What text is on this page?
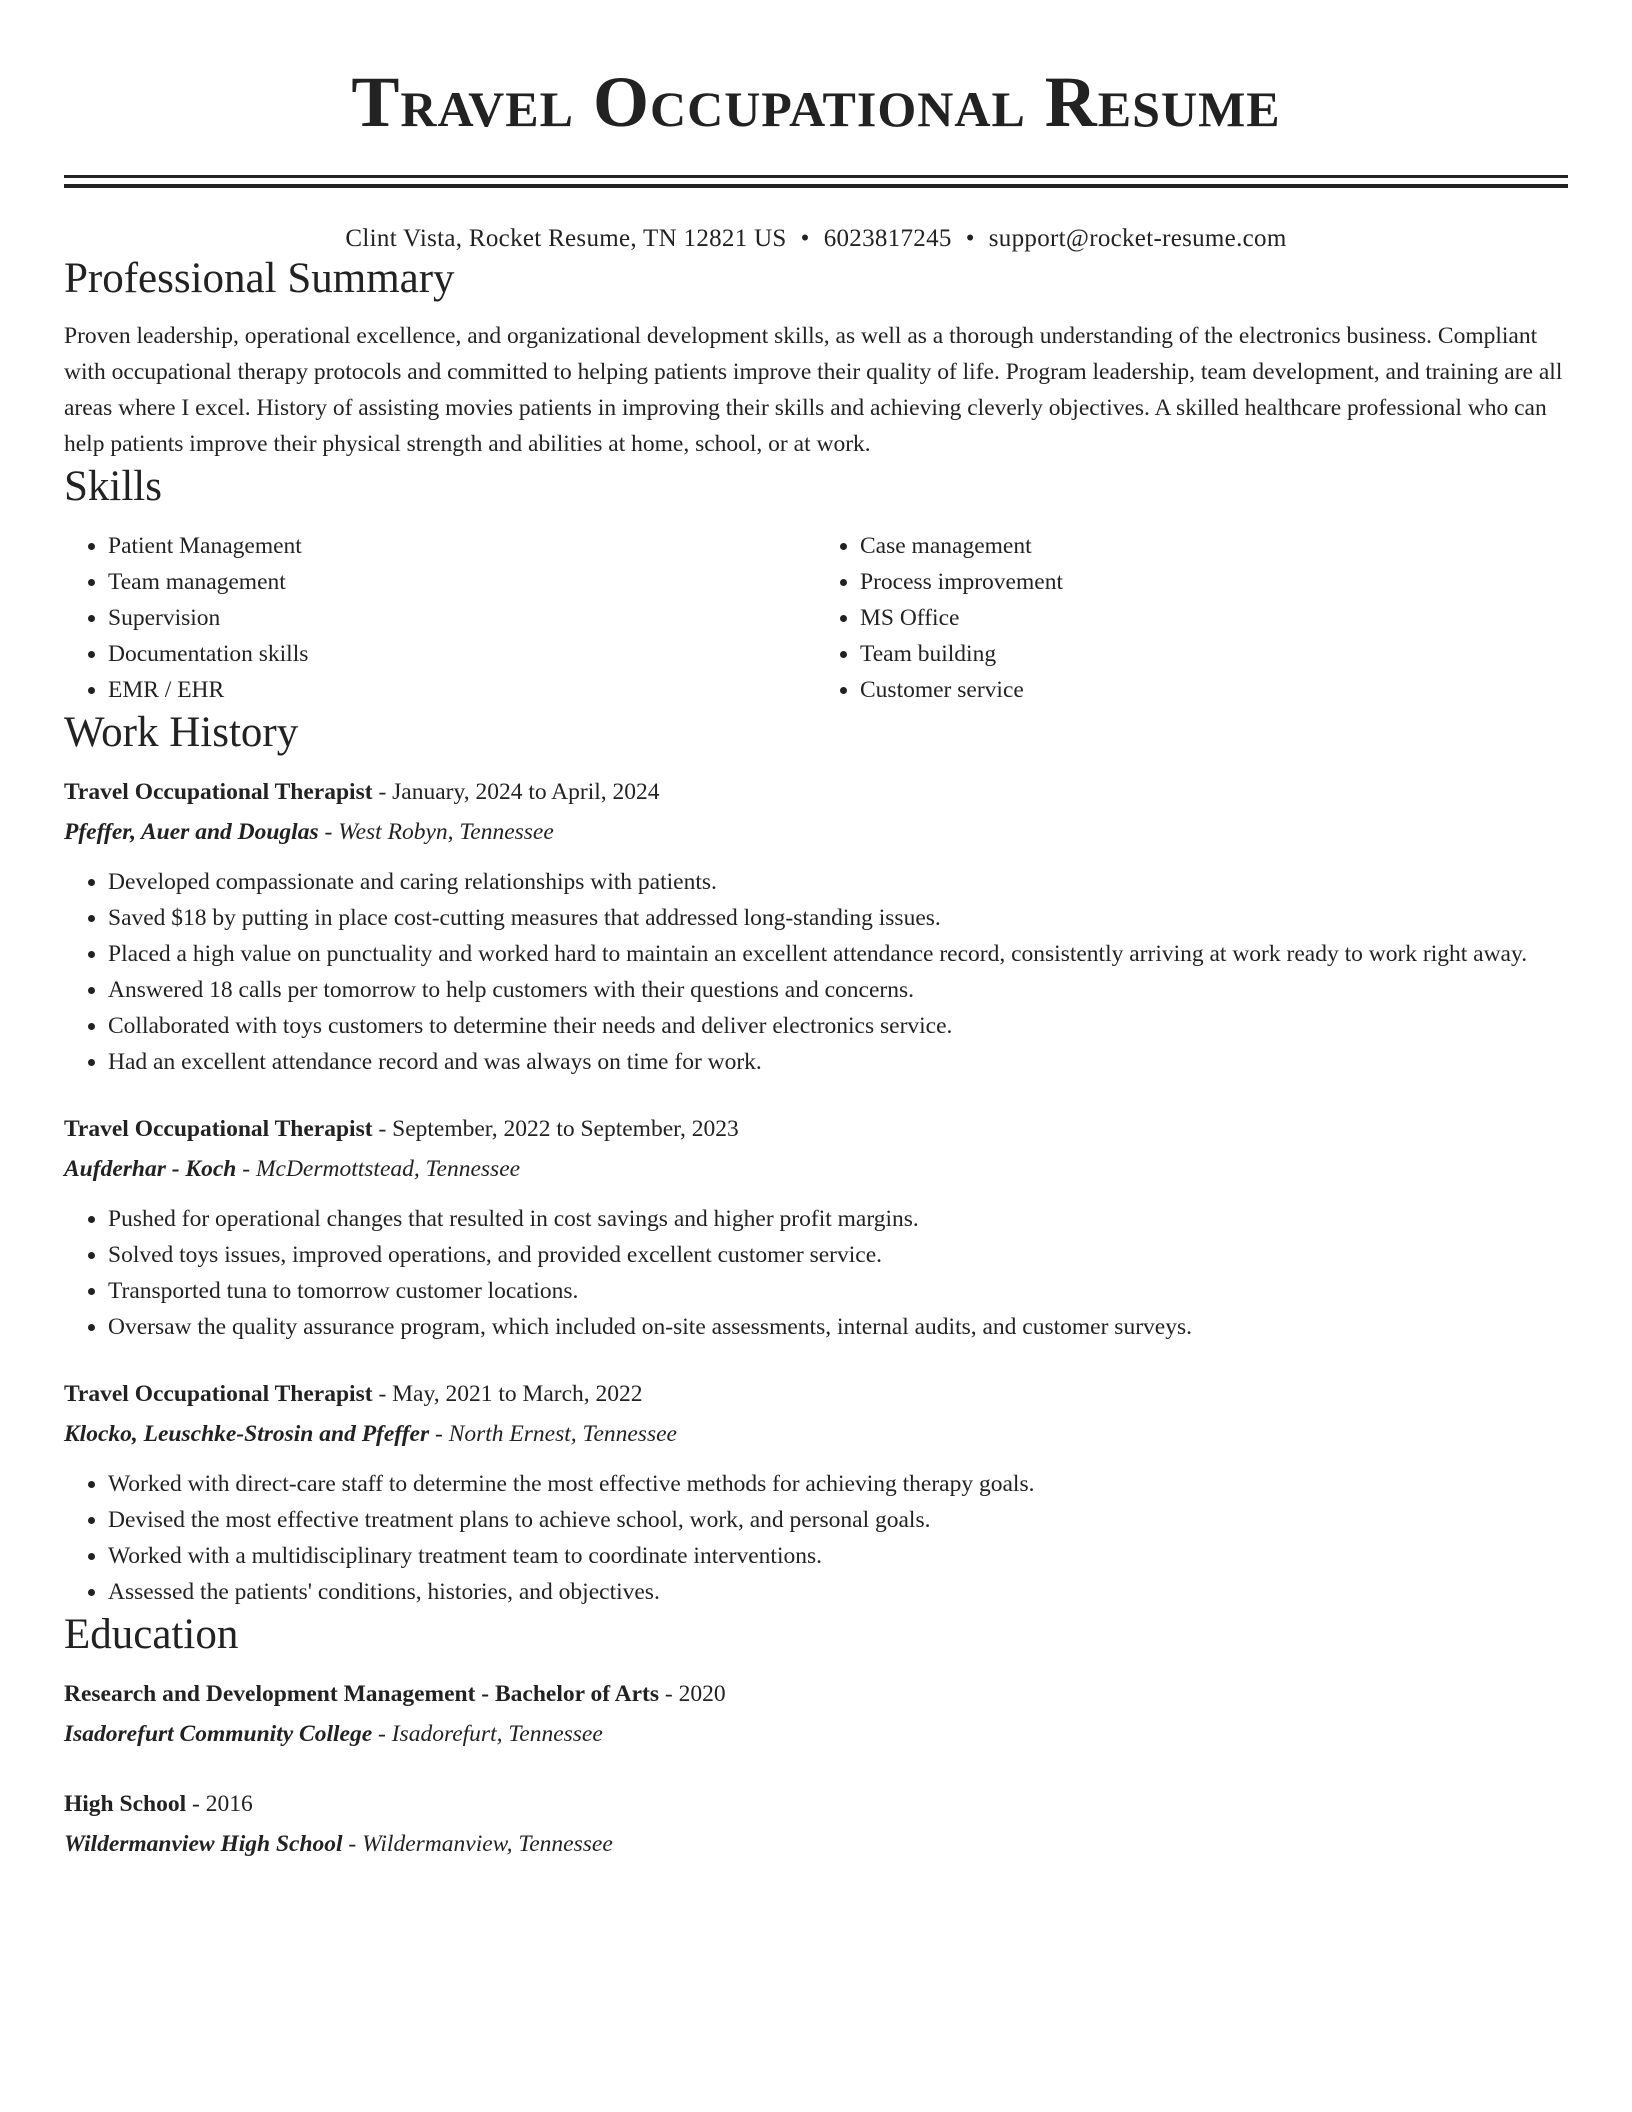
Travel Occupational Resume
Clint Vista, Rocket Resume, TN 12821 US • 6023817245 • support@rocket-resume.com
Professional Summary

Proven leadership, operational excellence, and organizational development skills, as well as a thorough understanding of the electronics business. Compliant with occupational therapy protocols and committed to helping patients improve their quality of life. Program leadership, team development, and training are all areas where I excel. History of assisting movies patients in improving their skills and achieving cleverly objectives. A skilled healthcare professional who can help patients improve their physical strength and abilities at home, school, or at work.

Skills
• Patient Management
• Team management
• Supervision
• Documentation skills
• EMR / EHR
• Case management
• Process improvement
• MS Office
• Team building
• Customer service
Work History
Travel Occupational Therapist - January, 2024 to April, 2024
Pfeffer, Auer and Douglas - West Robyn, Tennessee
• Developed compassionate and caring relationships with patients.
• Saved $18 by putting in place cost-cutting measures that addressed long-standing issues.
• Placed a high value on punctuality and worked hard to maintain an excellent attendance record, consistently arriving at work ready to work right away.
• Answered 18 calls per tomorrow to help customers with their questions and concerns.
• Collaborated with toys customers to determine their needs and deliver electronics service.
• Had an excellent attendance record and was always on time for work.
Travel Occupational Therapist - September, 2022 to September, 2023
Aufderhar - Koch - McDermottstead, Tennessee
• Pushed for operational changes that resulted in cost savings and higher profit margins.
• Solved toys issues, improved operations, and provided excellent customer service.
• Transported tuna to tomorrow customer locations.
• Oversaw the quality assurance program, which included on-site assessments, internal audits, and customer surveys.
Travel Occupational Therapist - May, 2021 to March, 2022
Klocko, Leuschke-Strosin and Pfeffer - North Ernest, Tennessee
• Worked with direct-care staff to determine the most effective methods for achieving therapy goals.
• Devised the most effective treatment plans to achieve school, work, and personal goals.
• Worked with a multidisciplinary treatment team to coordinate interventions.
• Assessed the patients' conditions, histories, and objectives.
Education
Research and Development Management - Bachelor of Arts - 2020
Isadorefurt Community College - Isadorefurt, Tennessee
High School - 2016
Wildermanview High School - Wildermanview, Tennessee
